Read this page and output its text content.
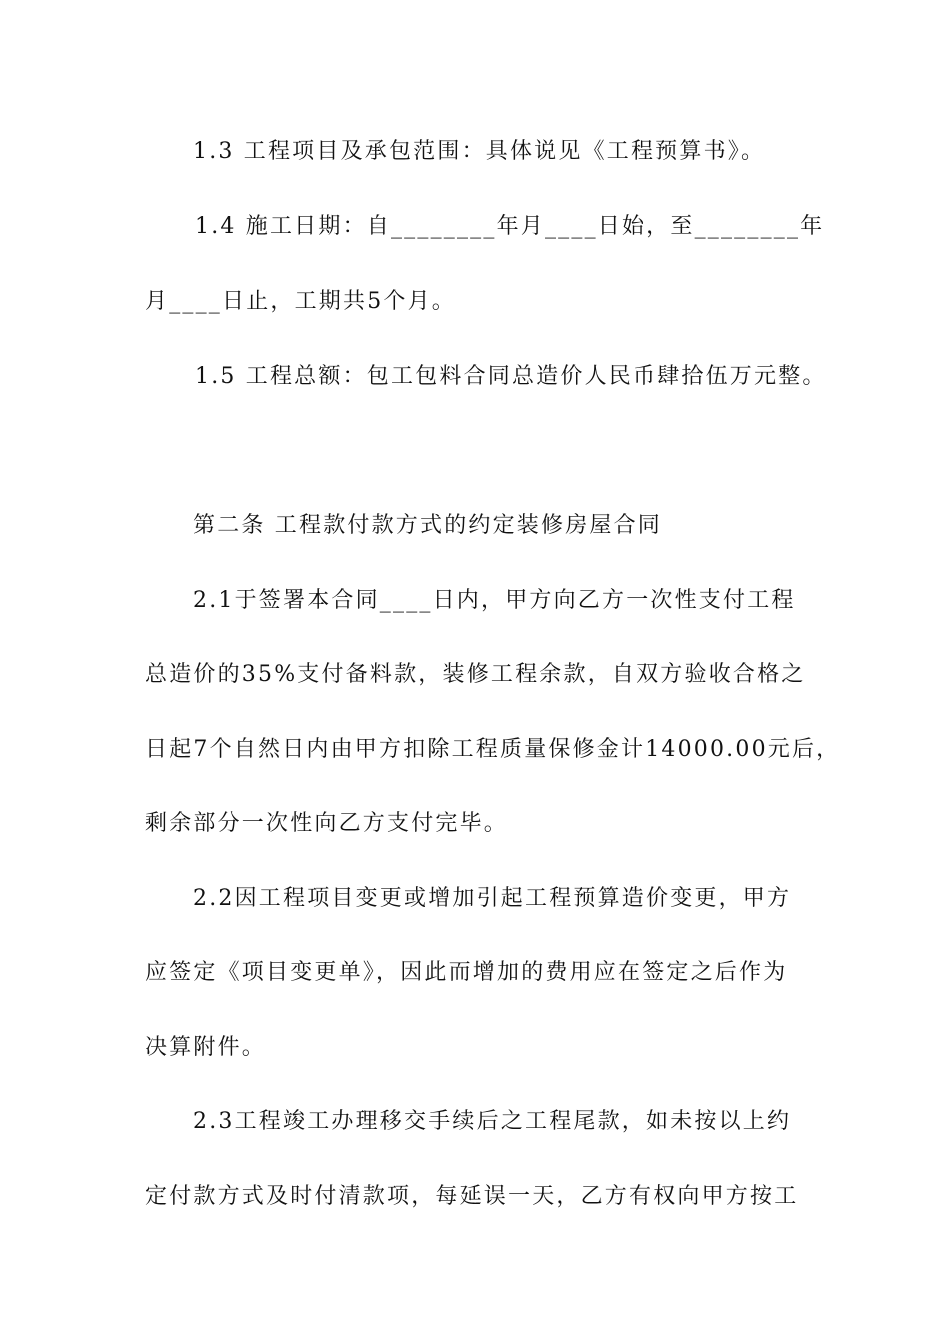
1.3 工程项目及承包范围：具体说见《工程预算书》。
1.4 施工日期：自________年月____日始，至________年
月____日止，工期共5个月。
1.5 工程总额：包工包料合同总造价人民币肆拾伍万元整。
第二条 工程款付款方式的约定装修房屋合同
2.1于签署本合同____日内，甲方向乙方一次性支付工程
总造价的35%支付备料款，装修工程余款，自双方验收合格之
日起7个自然日内由甲方扣除工程质量保修金计14000.00元后，
剩余部分一次性向乙方支付完毕。
2.2因工程项目变更或增加引起工程预算造价变更，甲方
应签定《项目变更单》，因此而增加的费用应在签定之后作为
决算附件。
2.3工程竣工办理移交手续后之工程尾款，如未按以上约
定付款方式及时付清款项，每延误一天，乙方有权向甲方按工
